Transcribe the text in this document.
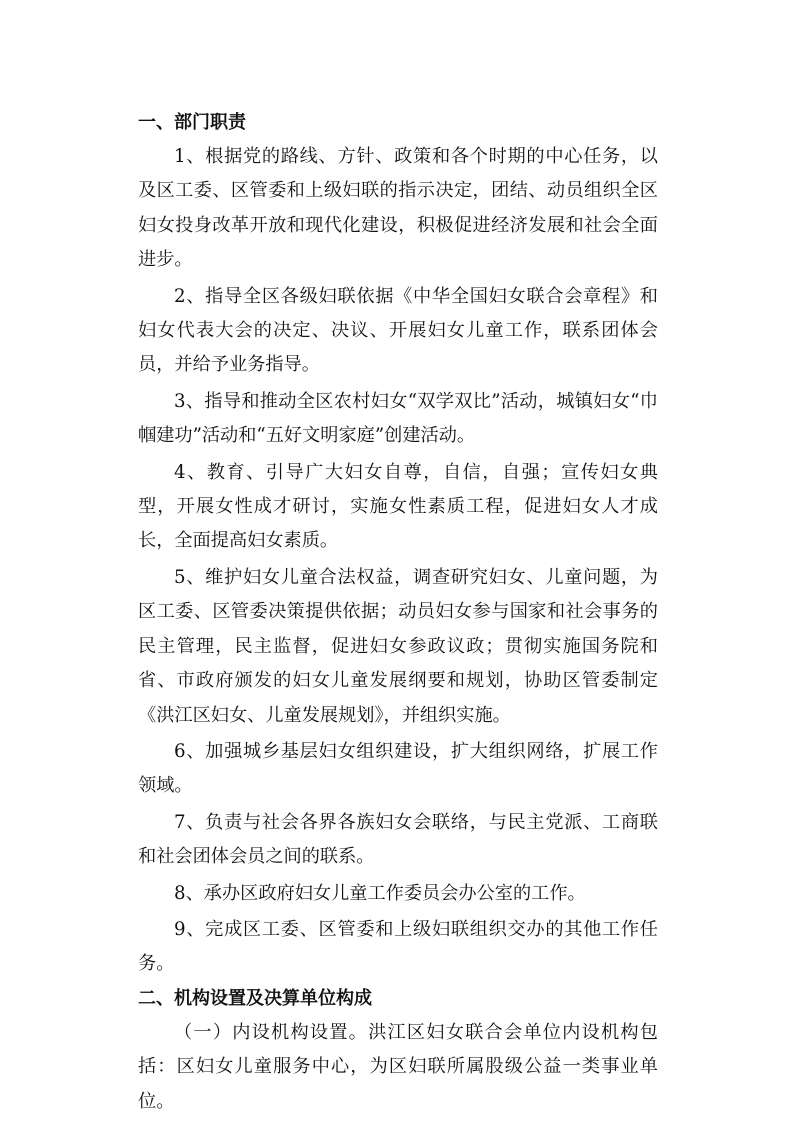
一、部门职责

1、根据党的路线、方针、政策和各个时期的中心任务，以及区工委、区管委和上级妇联的指示决定，团结、动员组织全区妇女投身改革开放和现代化建设，积极促进经济发展和社会全面进步。

2、指导全区各级妇联依据《中华全国妇女联合会章程》和妇女代表大会的决定、决议、开展妇女儿童工作，联系团体会员，并给予业务指导。

3、指导和推动全区农村妇女“双学双比”活动，城镇妇女“巾帼建功”活动和“五好文明家庭”创建活动。

4、教育、引导广大妇女自尊，自信，自强；宣传妇女典型，开展女性成才研讨，实施女性素质工程，促进妇女人才成长，全面提高妇女素质。

5、维护妇女儿童合法权益，调查研究妇女、儿童问题，为区工委、区管委决策提供依据；动员妇女参与国家和社会事务的民主管理，民主监督，促进妇女参政议政；贯彻实施国务院和省、市政府颁发的妇女儿童发展纲要和规划，协助区管委制定《洪江区妇女、儿童发展规划》，并组织实施。

6、加强城乡基层妇女组织建设，扩大组织网络，扩展工作领域。

7、负责与社会各界各族妇女会联络，与民主党派、工商联和社会团体会员之间的联系。

8、承办区政府妇女儿童工作委员会办公室的工作。

9、完成区工委、区管委和上级妇联组织交办的其他工作任务。

二、机构设置及决算单位构成

（一）内设机构设置。洪江区妇女联合会单位内设机构包括：区妇女儿童服务中心，为区妇联所属股级公益一类事业单位。
